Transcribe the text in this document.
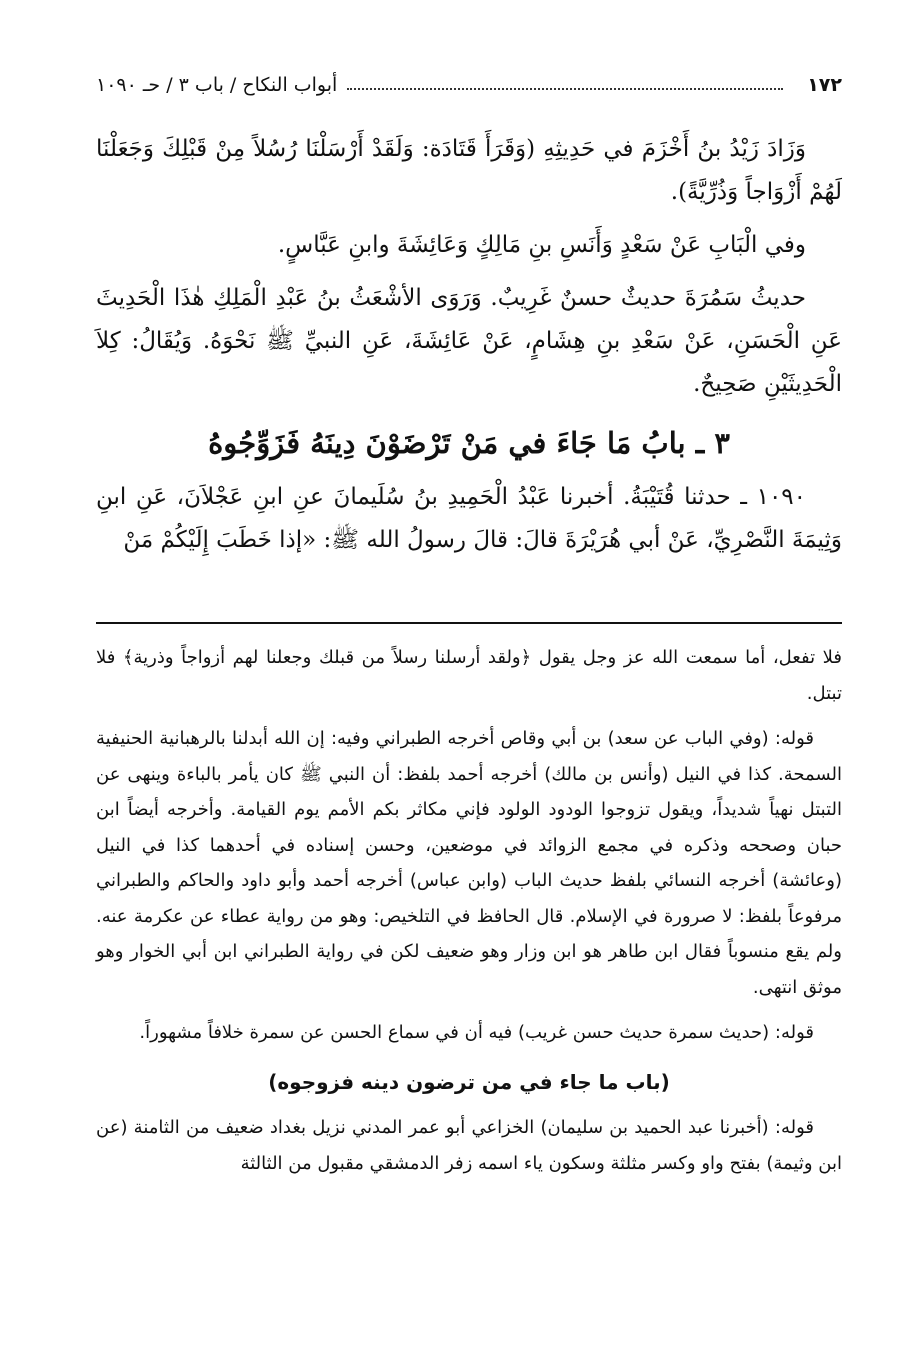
١٧٢
أبواب النكاح / باب ٣ / حـ ١٠٩٠

وَزَادَ زَيْدُ بنُ أَخْزَمَ في حَدِيثِهِ (وَقَرَأَ قَتَادَة: وَلَقَدْ أَرْسَلْنَا رُسُلاً مِنْ قَبْلِكَ وَجَعَلْنَا لَهُمْ أَزْوَاجاً وَذُرِّيَّةً).

وفي الْبَابِ عَنْ سَعْدٍ وَأَنَسِ بنِ مَالِكٍ وَعَائِشَةَ وابنِ عَبَّاسٍ.

حديثُ سَمُرَةَ حديثٌ حسنٌ غَرِيبٌ. وَرَوَى الأشْعَثُ بنُ عَبْدِ الْمَلِكِ هٰذَا الْحَدِيثَ عَنِ الْحَسَنِ، عَنْ سَعْدِ بنِ هِشَامٍ، عَنْ عَائِشَةَ، عَنِ النبيِّ ﷺ نَحْوَهُ. وَيُقَالُ: كِلاَ الْحَدِيثَيْنِ صَحِيحٌ.

٣ ـ بابُ مَا جَاءَ في مَنْ تَرْضَوْنَ دِينَهُ فَزَوِّجُوهُ

١٠٩٠ ـ حدثنا قُتَيْبَةُ. أخبرنا عَبْدُ الْحَمِيدِ بنُ سُلَيمانَ عنِ ابنِ عَجْلاَنَ، عَنِ ابنِ وَثِيمَةَ النَّصْرِيِّ، عَنْ أبي هُرَيْرَةَ قالَ: قالَ رسولُ الله ﷺ: «إذا خَطَبَ إِلَيْكُمْ مَنْ

فلا تفعل، أما سمعت الله عز وجل يقول ﴿ولقد أرسلنا رسلاً من قبلك وجعلنا لهم أزواجاً وذرية﴾ فلا تبتل.

قوله: (وفي الباب عن سعد) بن أبي وقاص أخرجه الطبراني وفيه: إن الله أبدلنا بالرهبانية الحنيفية السمحة. كذا في النيل (وأنس بن مالك) أخرجه أحمد بلفظ: أن النبي ﷺ كان يأمر بالباءة وينهى عن التبتل نهياً شديداً، ويقول تزوجوا الودود الولود فإني مكاثر بكم الأمم يوم القيامة. وأخرجه أيضاً ابن حبان وصححه وذكره في مجمع الزوائد في موضعين، وحسن إسناده في أحدهما كذا في النيل (وعائشة) أخرجه النسائي بلفظ حديث الباب (وابن عباس) أخرجه أحمد وأبو داود والحاكم والطبراني مرفوعاً بلفظ: لا صرورة في الإسلام. قال الحافظ في التلخيص: وهو من رواية عطاء عن عكرمة عنه. ولم يقع منسوباً فقال ابن طاهر هو ابن وزار وهو ضعيف لكن في رواية الطبراني ابن أبي الخوار وهو موثق انتهى.

قوله: (حديث سمرة حديث حسن غريب) فيه أن في سماع الحسن عن سمرة خلافاً مشهوراً.

(باب ما جاء في من ترضون دينه فزوجوه)

قوله: (أخبرنا عبد الحميد بن سليمان) الخزاعي أبو عمر المدني نزيل بغداد ضعيف من الثامنة (عن ابن وثيمة) بفتح واو وكسر مثلثة وسكون ياء اسمه زفر الدمشقي مقبول من الثالثة
